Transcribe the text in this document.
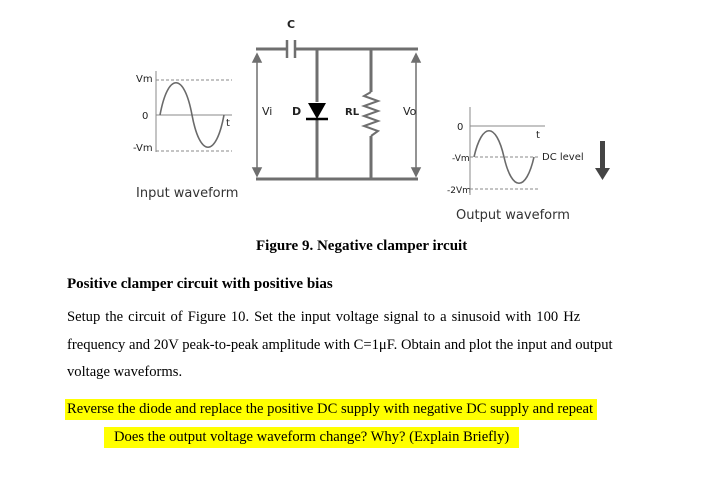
Vm
0
-Vm
t
Input waveform
C
Vi D	RL	Vo
0
-Vm
-2Vm
t
DC level
Output waveform
Figure 9. Negative clamper ircuit
Positive clamper circuit with positive bias
Setup the circuit of Figure 10. Set the input voltage signal to a sinusoid with 100 Hz
frequency and 20V peak-to-peak amplitude with C=1μF. Obtain and plot the input and output
voltage waveforms.
Reverse the diode and replace the positive DC supply with negative DC supply and repeat
Does the output voltage waveform change? Why? (Explain Briefly)
